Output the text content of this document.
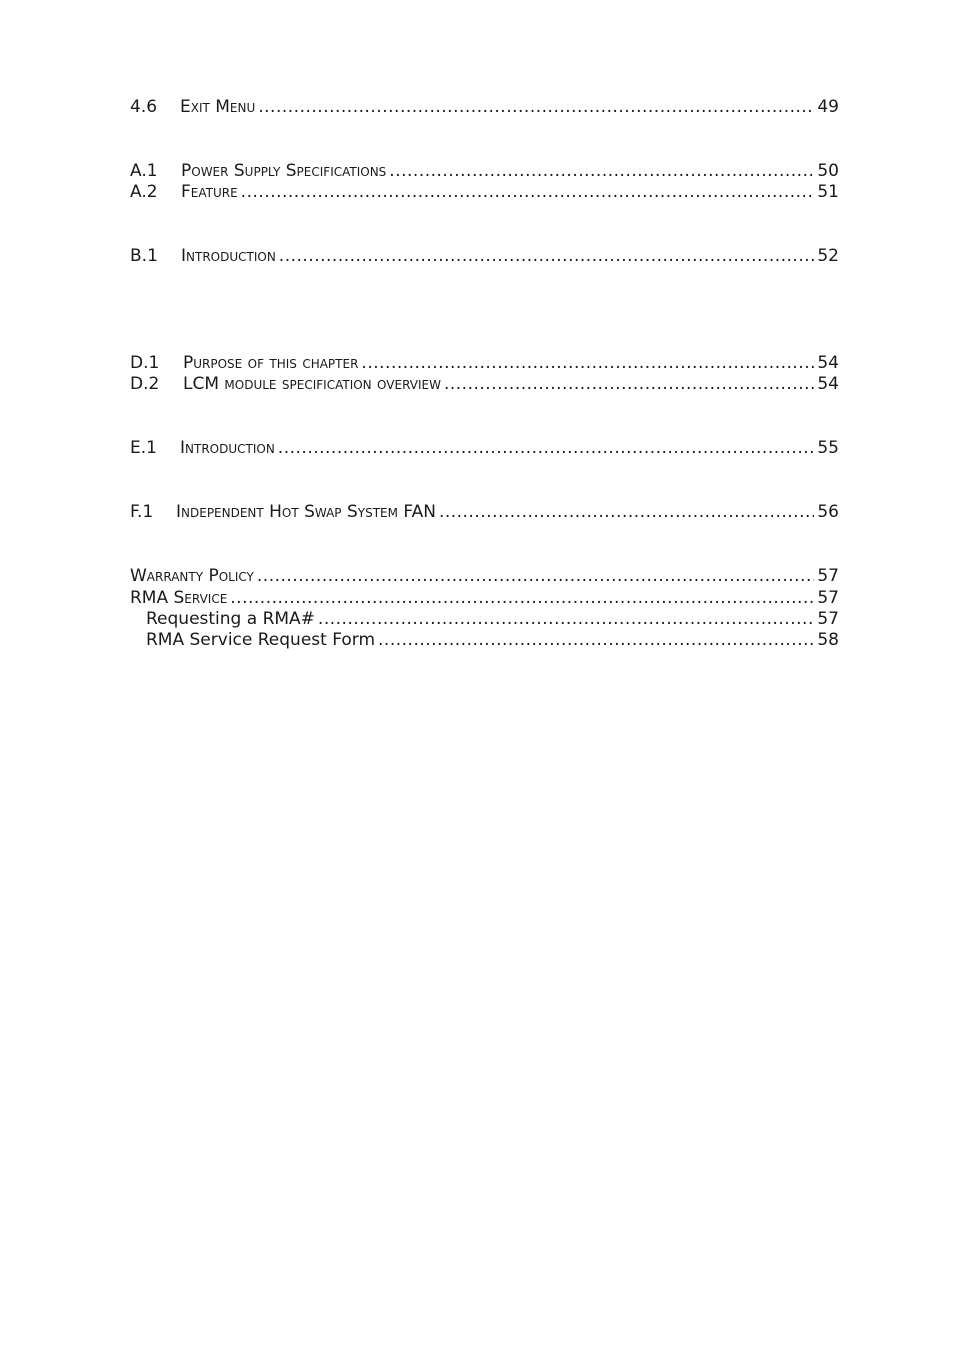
4.6	Exit Menu .....	49
A.1	Power Supply Specifications .....	50
A.2	Feature .....	51
B.1	Introduction .....	52
D.1	Purpose of this chapter .....	54
D.2	LCM module specification overview .....	54
E.1	Introduction .....	55
F.1	Independent Hot Swap System FAN .....	56
Warranty Policy .....	57
RMA Service .....	57
Requesting a RMA# .....	57
RMA Service Request Form .....	58
